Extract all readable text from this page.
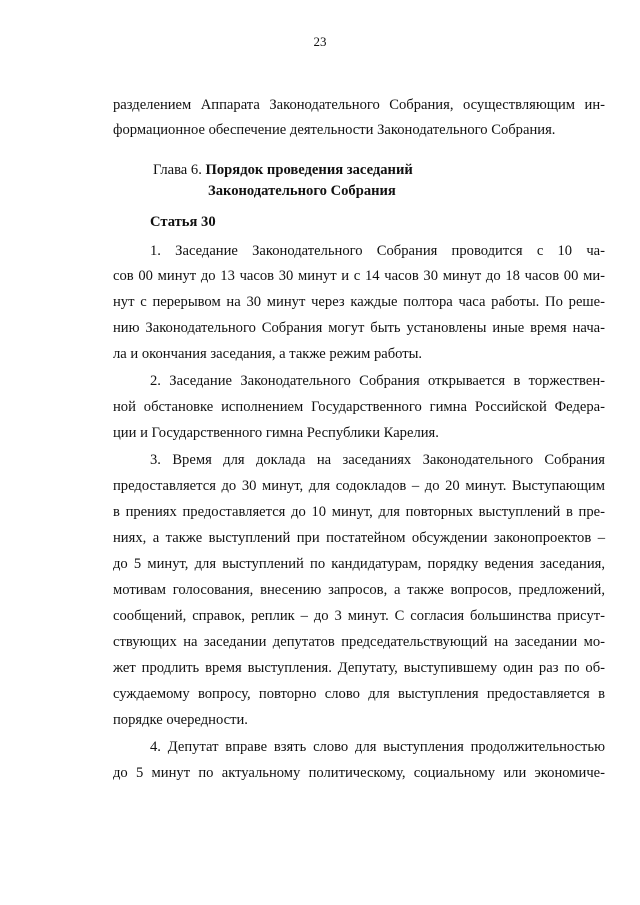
23
разделением Аппарата Законодательного Собрания, осуществляющим ин-
формационное обеспечение деятельности Законодательного Собрания.
Глава 6. Порядок проведения заседаний
Законодательного Собрания
Статья 30
1. Заседание Законодательного Собрания проводится с 10 ча-
сов 00 минут до 13 часов 30 минут и с 14 часов 30 минут до 18 часов 00 ми-
нут с перерывом на 30 минут через каждые полтора часа работы. По реше-
нию Законодательного Собрания могут быть установлены иные время нача-
ла и окончания заседания, а также режим работы.
2. Заседание Законодательного Собрания открывается в торжествен-
ной обстановке исполнением Государственного гимна Российской Федера-
ции и Государственного гимна Республики Карелия.
3. Время для доклада на заседаниях Законодательного Собрания
предоставляется до 30 минут, для содокладов – до 20 минут. Выступающим
в прениях предоставляется до 10 минут, для повторных выступлений в пре-
ниях, а также выступлений при постатейном обсуждении законопроектов –
до 5 минут, для выступлений по кандидатурам, порядку ведения заседания,
мотивам голосования, внесению запросов, а также вопросов, предложений,
сообщений, справок, реплик – до 3 минут. С согласия большинства присут-
ствующих на заседании депутатов председательствующий на заседании мо-
жет продлить время выступления. Депутату, выступившему один раз по об-
суждаемому вопросу, повторно слово для выступления предоставляется в
порядке очередности.
4. Депутат вправе взять слово для выступления продолжительностью
до 5 минут по актуальному политическому, социальному или экономиче-
